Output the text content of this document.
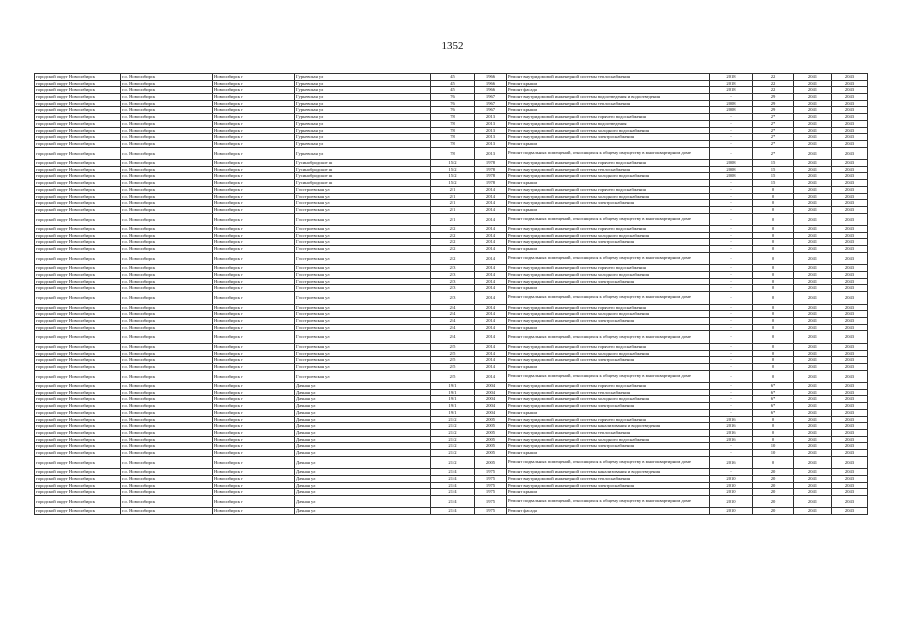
1352
городской округ Новосибирск	г.о. Новосибирск	Новосибирск г	Гурьевская ул	45	1966	Ремонт внутридомовой инженерной системы теплоснабжения	2018	22	2041	2043
городской округ Новосибирск	г.о. Новосибирск	Новосибирск г	Гурьевская ул	45	1966	Ремонт крыши	2018	22	2041	2043
городской округ Новосибирск	г.о. Новосибирск	Новосибирск г	Гурьевская ул	45	1966	Ремонт фасада	2018	22	2041	2043
городской округ Новосибирск	г.о. Новосибирск	Новосибирск г	Гурьевская ул	76	1967	Ремонт внутридомовой инженерной системы водоотведения и водоотведения	-	29	2041	2043
городской округ Новосибирск	г.о. Новосибирск	Новосибирск г	Гурьевская ул	76	1967	Ремонт внутридомовой инженерной системы теплоснабжения	2008	29	2041	2043
городской округ Новосибирск	г.о. Новосибирск	Новосибирск г	Гурьевская ул	76	1967	Ремонт крыши	2008	29	2041	2043
городской округ Новосибирск	г.о. Новосибирск	Новосибирск г	Гурьевская ул	78	2013	Ремонт внутридомовой инженерной системы горячего водоснабжения	-	2*	2041	2043
городской округ Новосибирск	г.о. Новосибирск	Новосибирск г	Гурьевская ул	78	2013	Ремонт внутридомовой инженерной системы водоотведения	-	2*	2041	2043
городской округ Новосибирск	г.о. Новосибирск	Новосибирск г	Гурьевская ул	78	2013	Ремонт внутридомовой инженерной системы холодного водоснабжения	-	2*	2041	2043
городской округ Новосибирск	г.о. Новосибирск	Новосибирск г	Гурьевская ул	78	2013	Ремонт внутридомовой инженерной системы электроснабжения	-	2*	2041	2043
городской округ Новосибирск	г.о. Новосибирск	Новосибирск г	Гурьевская ул	78	2013	Ремонт крыши	-	2*	2041	2043
городской округ Новосибирск	г.о. Новосибирск	Новосибирск г	Гурьевская ул	78	2013	Ремонт подвальных помещений, относящихся к общему имуществу в многоквартирном доме	-	2*	2041	2043
городской округ Новосибирск	г.о. Новосибирск	Новосибирск г	Гусинобродское ш	15/2	1978	Ремонт внутридомовой инженерной системы горячего водоснабжения	2008	15	2041	2043
городской округ Новосибирск	г.о. Новосибирск	Новосибирск г	Гусинобродское ш	15/2	1978	Ремонт внутридомовой инженерной системы теплоснабжения	2008	15	2041	2043
городской округ Новосибирск	г.о. Новосибирск	Новосибирск г	Гусинобродское ш	15/2	1978	Ремонт внутридомовой инженерной системы холодного водоснабжения	2008	15	2041	2043
городской округ Новосибирск	г.о. Новосибирск	Новосибирск г	Гусинобродское ш	15/2	1978	Ремонт крыши	-	15	2041	2043
городской округ Новосибирск	г.о. Новосибирск	Новосибирск г	Гэсстроевская ул	2/1	2014	Ремонт внутридомовой инженерной системы горячего водоснабжения	-	0	2041	2043
городской округ Новосибирск	г.о. Новосибирск	Новосибирск г	Гэсстроевская ул	2/1	2014	Ремонт внутридомовой инженерной системы холодного водоснабжения	-	0	2041	2043
городской округ Новосибирск	г.о. Новосибирск	Новосибирск г	Гэсстроевская ул	2/1	2014	Ремонт внутридомовой инженерной системы электроснабжения	-	0	2041	2043
городской округ Новосибирск	г.о. Новосибирск	Новосибирск г	Гэсстроевская ул	2/1	2014	Ремонт крыши	-	0	2041	2043
городской округ Новосибирск	г.о. Новосибирск	Новосибирск г	Гэсстроевская ул	2/1	2014	Ремонт подвальных помещений, относящихся к общему имуществу в многоквартирном доме	-	0	2041	2043
городской округ Новосибирск	г.о. Новосибирск	Новосибирск г	Гэсстроевская ул	2/2	2014	Ремонт внутридомовой инженерной системы горячего водоснабжения	-	0	2041	2043
городской округ Новосибирск	г.о. Новосибирск	Новосибирск г	Гэсстроевская ул	2/2	2014	Ремонт внутридомовой инженерной системы холодного водоснабжения	-	0	2041	2043
городской округ Новосибирск	г.о. Новосибирск	Новосибирск г	Гэсстроевская ул	2/2	2014	Ремонт внутридомовой инженерной системы электроснабжения	-	0	2041	2043
городской округ Новосибирск	г.о. Новосибирск	Новосибирск г	Гэсстроевская ул	2/2	2014	Ремонт крыши	-	0	2041	2043
городской округ Новосибирск	г.о. Новосибирск	Новосибирск г	Гэсстроевская ул	2/2	2014	Ремонт подвальных помещений, относящихся к общему имуществу в многоквартирном доме	-	0	2041	2043
городской округ Новосибирск	г.о. Новосибирск	Новосибирск г	Гэсстроевская ул	2/3	2014	Ремонт внутридомовой инженерной системы горячего водоснабжения	-	0	2041	2043
городской округ Новосибирск	г.о. Новосибирск	Новосибирск г	Гэсстроевская ул	2/3	2014	Ремонт внутридомовой инженерной системы холодного водоснабжения	-	0	2041	2043
городской округ Новосибирск	г.о. Новосибирск	Новосибирск г	Гэсстроевская ул	2/3	2014	Ремонт внутридомовой инженерной системы электроснабжения	-	0	2041	2043
городской округ Новосибирск	г.о. Новосибирск	Новосибирск г	Гэсстроевская ул	2/3	2014	Ремонт крыши	-	0	2041	2043
городской округ Новосибирск	г.о. Новосибирск	Новосибирск г	Гэсстроевская ул	2/3	2014	Ремонт подвальных помещений, относящихся к общему имуществу в многоквартирном доме	-	0	2041	2043
городской округ Новосибирск	г.о. Новосибирск	Новосибирск г	Гэсстроевская ул	2/4	2014	Ремонт внутридомовой инженерной системы горячего водоснабжения	-	0	2041	2043
городской округ Новосибирск	г.о. Новосибирск	Новосибирск г	Гэсстроевская ул	2/4	2014	Ремонт внутридомовой инженерной системы холодного водоснабжения	-	0	2041	2043
городской округ Новосибирск	г.о. Новосибирск	Новосибирск г	Гэсстроевская ул	2/4	2014	Ремонт внутридомовой инженерной системы электроснабжения	-	0	2041	2043
городской округ Новосибирск	г.о. Новосибирск	Новосибирск г	Гэсстроевская ул	2/4	2014	Ремонт крыши	-	0	2041	2043
городской округ Новосибирск	г.о. Новосибирск	Новосибирск г	Гэсстроевская ул	2/4	2014	Ремонт подвальных помещений, относящихся к общему имуществу в многоквартирном доме	-	0	2041	2043
городской округ Новосибирск	г.о. Новосибирск	Новосибирск г	Гэсстроевская ул	2/5	2014	Ремонт внутридомовой инженерной системы горячего водоснабжения	-	0	2041	2043
городской округ Новосибирск	г.о. Новосибирск	Новосибирск г	Гэсстроевская ул	2/5	2014	Ремонт внутридомовой инженерной системы холодного водоснабжения	-	0	2041	2043
городской округ Новосибирск	г.о. Новосибирск	Новосибирск г	Гэсстроевская ул	2/5	2014	Ремонт внутридомовой инженерной системы электроснабжения	-	0	2041	2043
городской округ Новосибирск	г.о. Новосибирск	Новосибирск г	Гэсстроевская ул	2/5	2014	Ремонт крыши	-	0	2041	2043
городской округ Новосибирск	г.о. Новосибирск	Новосибирск г	Гэсстроевская ул	2/5	2014	Ремонт подвальных помещений, относящихся к общему имуществу в многоквартирном доме	-	0	2041	2043
городской округ Новосибирск	г.о. Новосибирск	Новосибирск г	Дачная ул	19/1	2004	Ремонт внутридомовой инженерной системы горячего водоснабжения	-	6*	2041	2043
городской округ Новосибирск	г.о. Новосибирск	Новосибирск г	Дачная ул	19/1	2004	Ремонт внутридомовой инженерной системы теплоснабжения	-	6*	2041	2043
городской округ Новосибирск	г.о. Новосибирск	Новосибирск г	Дачная ул	19/1	2004	Ремонт внутридомовой инженерной системы холодного водоснабжения	-	6*	2041	2043
городской округ Новосибирск	г.о. Новосибирск	Новосибирск г	Дачная ул	19/1	2004	Ремонт внутридомовой инженерной системы электроснабжения	-	6*	2041	2043
городской округ Новосибирск	г.о. Новосибирск	Новосибирск г	Дачная ул	19/1	2004	Ремонт крыши	-	6*	2041	2043
городской округ Новосибирск	г.о. Новосибирск	Новосибирск г	Дачная ул	21/2	2005	Ремонт внутридомовой инженерной системы горячего водоснабжения	2016	0	2041	2043
городской округ Новосибирск	г.о. Новосибирск	Новосибирск г	Дачная ул	21/2	2005	Ремонт внутридомовой инженерной системы канализования и водоотведения	2016	0	2041	2043
городской округ Новосибирск	г.о. Новосибирск	Новосибирск г	Дачная ул	21/2	2005	Ремонт внутридомовой инженерной системы теплоснабжения	2016	0	2041	2043
городской округ Новосибирск	г.о. Новосибирск	Новосибирск г	Дачная ул	21/2	2005	Ремонт внутридомовой инженерной системы холодного водоснабжения	2016	0	2041	2043
городской округ Новосибирск	г.о. Новосибирск	Новосибирск г	Дачная ул	21/2	2005	Ремонт внутридомовой инженерной системы электроснабжения	-	10	2041	2043
городской округ Новосибирск	г.о. Новосибирск	Новосибирск г	Дачная ул	21/2	2005	Ремонт крыши	-	10	2041	2043
городской округ Новосибирск	г.о. Новосибирск	Новосибирск г	Дачная ул	21/2	2005	Ремонт подвальных помещений, относящихся к общему имуществу в многоквартирном доме	2016	0	2041	2043
городской округ Новосибирск	г.о. Новосибирск	Новосибирск г	Дачная ул	21/4	1975	Ремонт внутридомовой инженерной системы канализования и водоотведения	-	20	2041	2043
городской округ Новосибирск	г.о. Новосибирск	Новосибирск г	Дачная ул	21/4	1975	Ремонт внутридомовой инженерной системы теплоснабжения	2010	20	2041	2043
городской округ Новосибирск	г.о. Новосибирск	Новосибирск г	Дачная ул	21/4	1975	Ремонт внутридомовой инженерной системы электроснабжения	2010	20	2041	2043
городской округ Новосибирск	г.о. Новосибирск	Новосибирск г	Дачная ул	21/4	1975	Ремонт крыши	2010	20	2041	2043
городской округ Новосибирск	г.о. Новосибирск	Новосибирск г	Дачная ул	21/4	1975	Ремонт подвальных помещений, относящихся к общему имуществу в многоквартирном доме	2010	20	2041	2043
городской округ Новосибирск	г.о. Новосибирск	Новосибирск г	Дачная ул	21/4	1975	Ремонт фасада	2010	20	2041	2043
